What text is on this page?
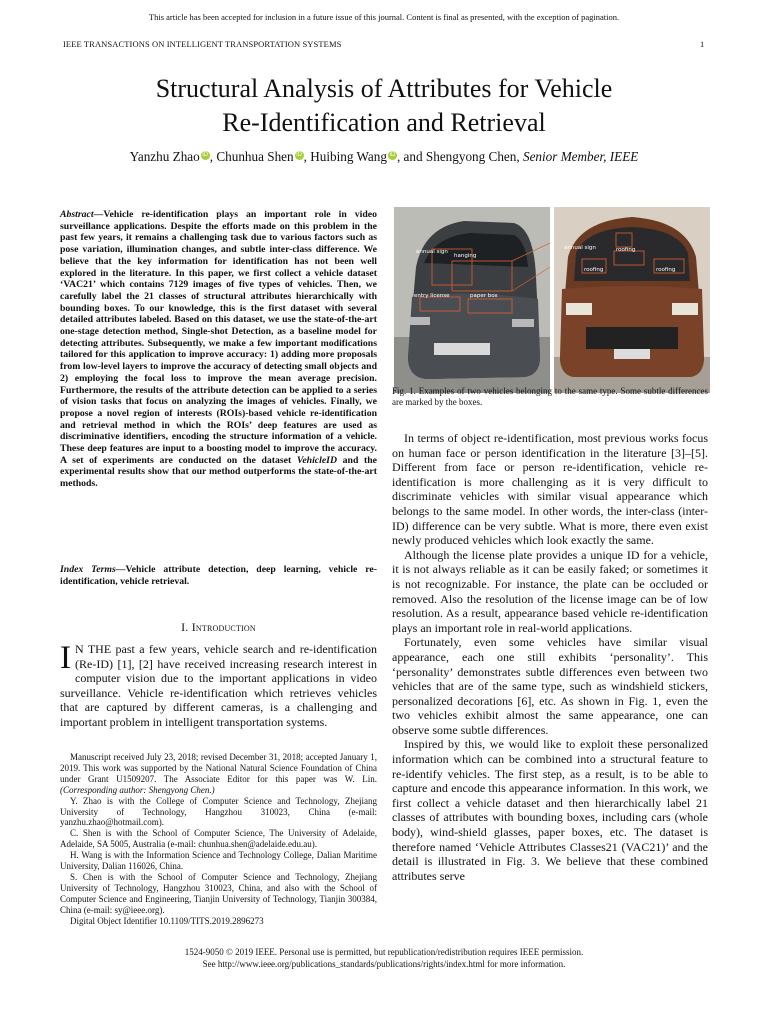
This article has been accepted for inclusion in a future issue of this journal. Content is final as presented, with the exception of pagination.
IEEE TRANSACTIONS ON INTELLIGENT TRANSPORTATION SYSTEMS	1
Structural Analysis of Attributes for Vehicle
Re-Identification and Retrieval
Yanzhu Zhao iD , Chunhua Shen iD , Huibing Wang iD , and Shengyong Chen, Senior Member, IEEE
Abstract—Vehicle re-identification plays an important role in video surveillance applications. Despite the efforts made on this problem in the past few years, it remains a challenging task due to various factors such as pose variation, illumination changes, and subtle inter-class difference. We believe that the key information for identification has not been well explored in the literature. In this paper, we first collect a vehicle dataset ‘VAC21’ which contains 7129 images of five types of vehicles. Then, we carefully label the 21 classes of structural attributes hierarchically with bounding boxes. To our knowledge, this is the first dataset with several detailed attributes labeled. Based on this dataset, we use the state-of-the-art one-stage detection method, Single-shot Detection, as a baseline model for detecting attributes. Subsequently, we make a few important modifications tailored for this application to improve accuracy: 1) adding more proposals from low-level layers to improve the accuracy of detecting small objects and 2) employing the focal loss to improve the mean average precision. Furthermore, the results of the attribute detection can be applied to a series of vision tasks that focus on analyzing the images of vehicles. Finally, we propose a novel region of interests (ROIs)-based vehicle re-identification and retrieval method in which the ROIs’ deep features are used as discriminative identifiers, encoding the structure information of a vehicle. These deep features are input to a boosting model to improve the accuracy. A set of experiments are conducted on the dataset VehicleID and the experimental results show that our method outperforms the state-of-the-art methods.
Index Terms—Vehicle attribute detection, deep learning, vehicle re-identification, vehicle retrieval.
I. Introduction
I N THE past a few years, vehicle search and re-identification (Re-ID) [1], [2] have received increasing research interest in computer vision due to the important applications in video surveillance. Vehicle re-identification which retrieves vehicles that are captured by different cameras, is a challenging and important problem in intelligent transportation systems.

Manuscript received July 23, 2018; revised December 31, 2018; accepted January 1, 2019. This work was supported by the National Natural Science Foundation of China under Grant U1509207. The Associate Editor for this paper was W. Lin. (Corresponding author: Shengyong Chen.)

Y. Zhao is with the College of Computer Science and Technology, Zhejiang University of Technology, Hangzhou 310023, China (e-mail: yanzhu.zhao@hotmail.com).

C. Shen is with the School of Computer Science, The University of Adelaide, Adelaide, SA 5005, Australia (e-mail: chunhua.shen@adelaide.edu.au).

H. Wang is with the Information Science and Technology College, Dalian Maritime University, Dalian 116026, China.

S. Chen is with the School of Computer Science and Technology, Zhejiang University of Technology, Hangzhou 310023, China, and also with the School of Computer Science and Engineering, Tianjin University of Technology, Tianjin 300384, China (e-mail: sy@ieee.org).

Digital Object Identifier 10.1109/TITS.2019.2896273

annual sign
hanging
entry license	paper box
annual sign	roofing
roofing	roofing
Fig. 1. Examples of two vehicles belonging to the same type. Some subtle differences are marked by the boxes.

In terms of object re-identification, most previous works focus on human face or person identification in the literature [3]–[5]. Different from face or person re-identification, vehicle re-identification is more challenging as it is very difficult to discriminate vehicles with similar visual appearance which belongs to the same model. In other words, the inter-class (inter-ID) difference can be very subtle. What is more, there even exist newly produced vehicles which look exactly the same.

Although the license plate provides a unique ID for a vehicle, it is not always reliable as it can be easily faked; or sometimes it is not recognizable. For instance, the plate can be occluded or removed. Also the resolution of the license image can be of low resolution. As a result, appearance based vehicle re-identification plays an important role in real-world applications.

Fortunately, even some vehicles have similar visual appearance, each one still exhibits ‘personality’. This ‘personality’ demonstrates subtle differences even between two vehicles that are of the same type, such as windshield stickers, personalized decorations [6], etc. As shown in Fig. 1, even the two vehicles exhibit almost the same appearance, one can observe some subtle differences.

Inspired by this, we would like to exploit these personalized information which can be combined into a structural feature to re-identify vehicles. The first step, as a result, is to be able to capture and encode this appearance information. In this work, we first collect a vehicle dataset and then hierarchically label 21 classes of attributes with bounding boxes, including cars (whole body), wind-shield glasses, paper boxes, etc. The dataset is therefore named ‘Vehicle Attributes Classes21 (VAC21)’ and the detail is illustrated in Fig. 3. We believe that these combined attributes serve

1524-9050 © 2019 IEEE. Personal use is permitted, but republication/redistribution requires IEEE permission.
See http://www.ieee.org/publications_standards/publications/rights/index.html for more information.
